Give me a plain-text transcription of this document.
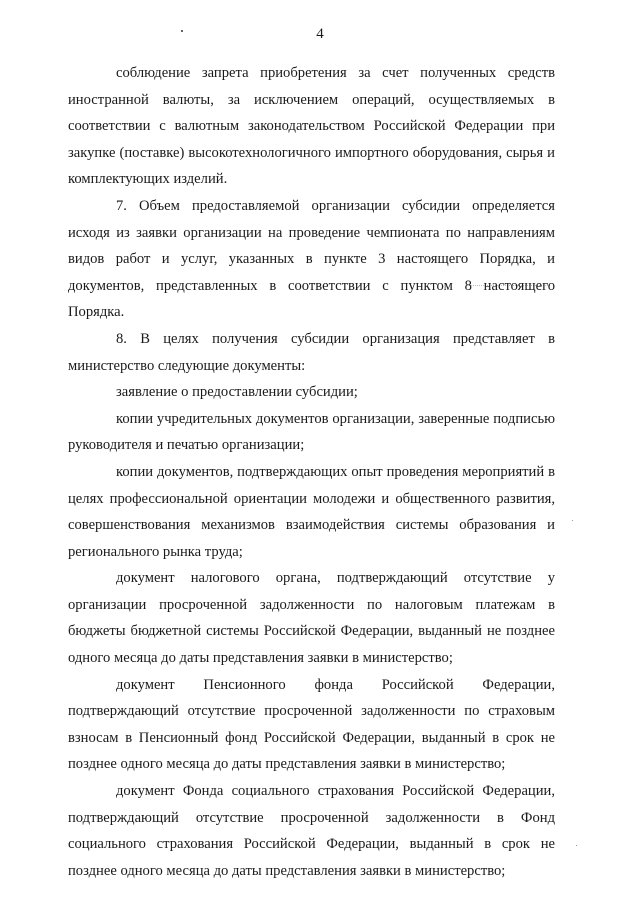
4

соблюдение запрета приобретения за счет полученных средств иностранной валюты, за исключением операций, осуществляемых в соответствии с валютным законодательством Российской Федерации при закупке (поставке) высокотехнологичного импортного оборудования, сырья и комплектующих изделий.

7. Объем предоставляемой организации субсидии определяется исходя из заявки организации на проведение чемпионата по направлениям видов работ и услуг, указанных в пункте 3 настоящего Порядка, и документов, представленных в соответствии с пунктом 8 настоящего Порядка.

8. В целях получения субсидии организация представляет в министерство следующие документы:

заявление о предоставлении субсидии;

копии учредительных документов организации, заверенные подписью руководителя и печатью организации;

копии документов, подтверждающих опыт проведения мероприятий в целях профессиональной ориентации молодежи и общественного развития, совершенствования механизмов взаимодействия системы образования и регионального рынка труда;

документ налогового органа, подтверждающий отсутствие у организации просроченной задолженности по налоговым платежам в бюджеты бюджетной системы Российской Федерации, выданный не позднее одного месяца до даты представления заявки в министерство;

документ Пенсионного фонда Российской Федерации, подтверждающий отсутствие просроченной задолженности по страховым взносам в Пенсионный фонд Российской Федерации, выданный в срок не позднее одного месяца до даты представления заявки в министерство;

документ Фонда социального страхования Российской Федерации, подтверждающий отсутствие просроченной задолженности в Фонд социального страхования Российской Федерации, выданный в срок не позднее одного месяца до даты представления заявки в министерство;
